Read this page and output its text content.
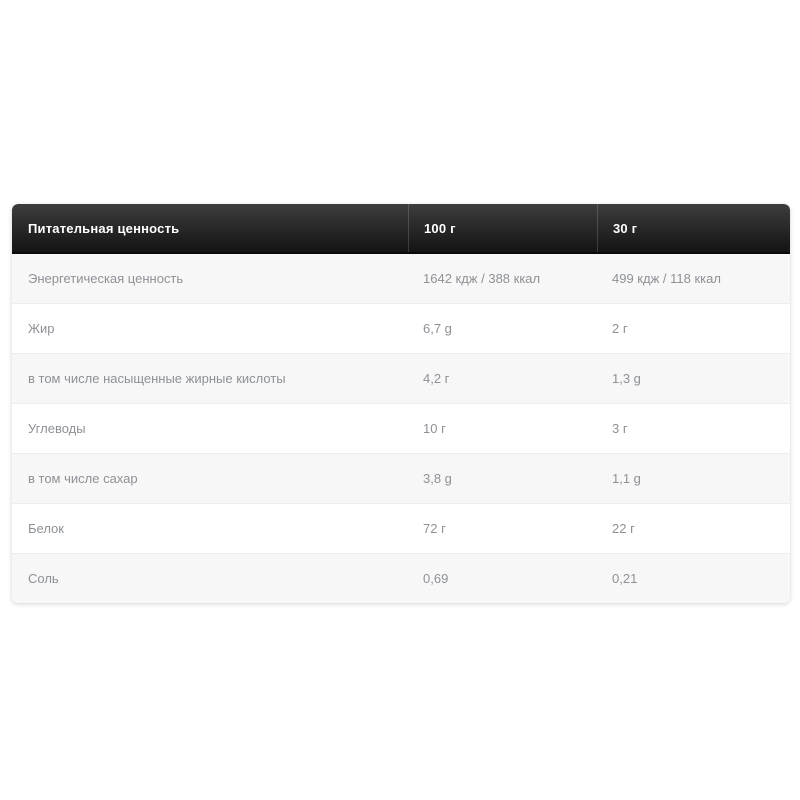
Питательная ценность	100 г	30 г
Энергетическая ценность	1642 кдж / 388 ккал	499 кдж / 118 ккал
Жир	6,7 g	2 г
в том числе насыщенные жирные кислоты	4,2 г	1,3 g
Углеводы	10 г	3 г
в том числе сахар	3,8 g	1,1 g
Белок	72 г	22 г
Соль	0,69	0,21
